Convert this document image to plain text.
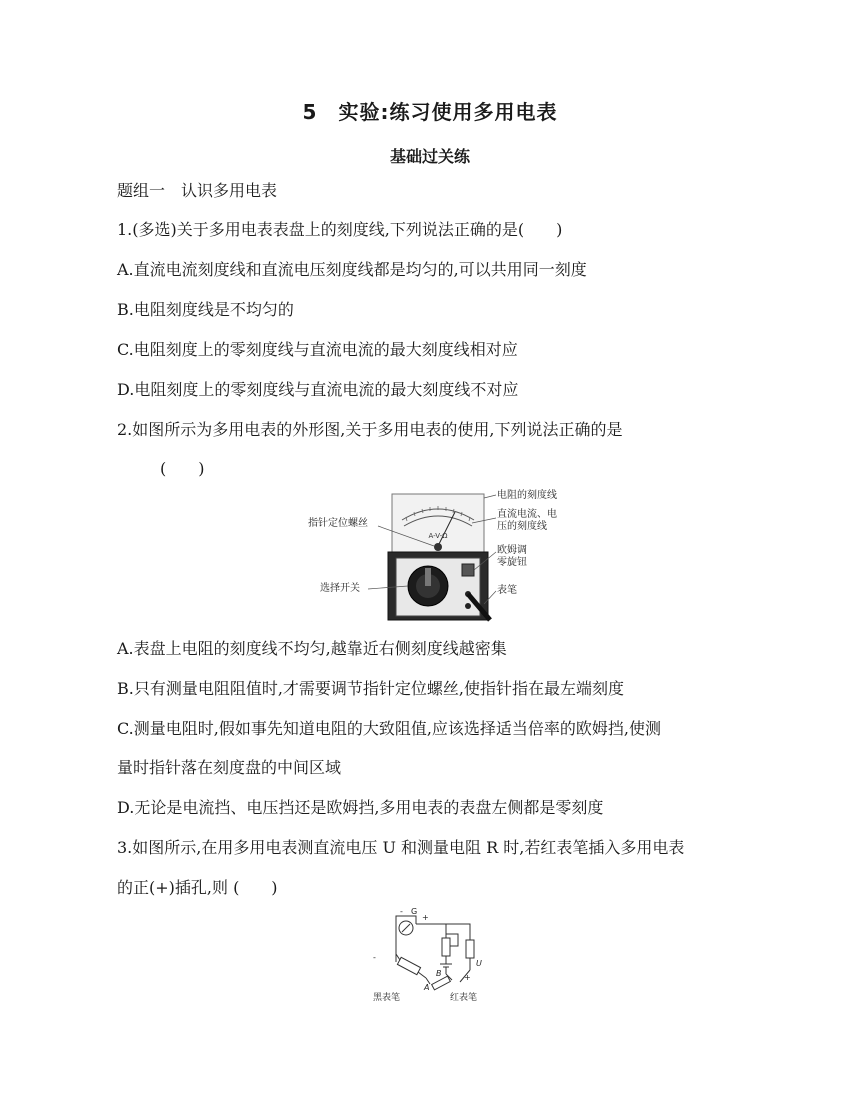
5　实验:练习使用多用电表
基础过关练
题组一　认识多用电表
1.(多选)关于多用电表表盘上的刻度线,下列说法正确的是(　　)
A.直流电流刻度线和直流电压刻度线都是均匀的,可以共用同一刻度
B.电阻刻度线是不均匀的
C.电阻刻度上的零刻度线与直流电流的最大刻度线相对应
D.电阻刻度上的零刻度线与直流电流的最大刻度线不对应
2.如图所示为多用电表的外形图,关于多用电表的使用,下列说法正确的是
(　　)
A-V-Ω
电阻的刻度线
直流电流、电
压的刻度线
指针定位螺丝
欧姆调
零旋钮
选择开关	表笔
A.表盘上电阻的刻度线不均匀,越靠近右侧刻度线越密集
B.只有测量电阻阻值时,才需要调节指针定位螺丝,使指针指在最左端刻度
C.测量电阻时,假如事先知道电阻的大致阻值,应该选择适当倍率的欧姆挡,使测
量时指针落在刻度盘的中间区域
D.无论是电流挡、电压挡还是欧姆挡,多用电表的表盘左侧都是零刻度
3.如图所示,在用多用电表测直流电压 U 和测量电阻 R 时,若红表笔插入多用电表
的正(+)插孔,则 (　　)
G
-
+
-
+
A
B
U
黑表笔	红表笔
